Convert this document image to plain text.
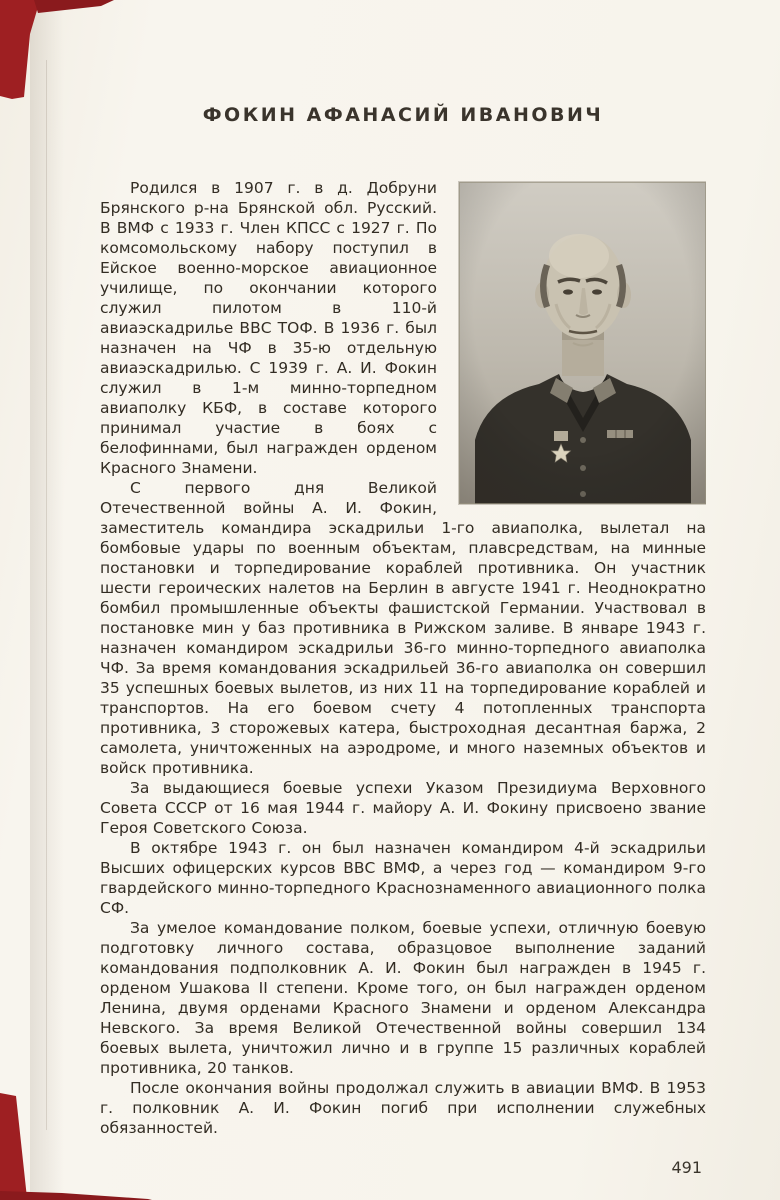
ФОКИН АФАНАСИЙ ИВАНОВИЧ

Родился в 1907 г. в д. Добруни Брянского р-на Брянской обл. Русский. В ВМФ с 1933 г. Член КПСС с 1927 г. По комсомольскому набору поступил в Ейское военно-морское авиационное училище, по окончании которого служил пилотом в 110-й авиаэскадрилье ВВС ТОФ. В 1936 г. был назначен на ЧФ в 35-ю отдельную авиаэскадрилью. С 1939 г. А. И. Фокин служил в 1-м минно-торпедном авиаполку КБФ, в составе которого принимал участие в боях с белофиннами, был награжден орденом Красного Знамени.

С первого дня Великой Отечественной войны А. И. Фокин, заместитель командира эскадрильи 1-го авиаполка, вылетал на бомбовые удары по военным объектам, плавсредствам, на минные постановки и торпедирование кораблей противника. Он участник шести героических налетов на Берлин в августе 1941 г. Неоднократно бомбил промышленные объекты фашистской Германии. Участвовал в постановке мин у баз противника в Рижском заливе. В январе 1943 г. назначен командиром эскадрильи 36-го минно-торпедного авиаполка ЧФ. За время командования эскадрильей 36-го авиаполка он совершил 35 успешных боевых вылетов, из них 11 на торпедирование кораблей и транспортов. На его боевом счету 4 потопленных транспорта противника, 3 сторожевых катера, быстроходная десантная баржа, 2 самолета, уничтоженных на аэродроме, и много наземных объектов и войск противника.

За выдающиеся боевые успехи Указом Президиума Верховного Совета СССР от 16 мая 1944 г. майору А. И. Фокину присвоено звание Героя Советского Союза.

В октябре 1943 г. он был назначен командиром 4-й эскадрильи Высших офицерских курсов ВВС ВМФ, а через год — командиром 9-го гвардейского минно-торпедного Краснознаменного авиационного полка СФ.

За умелое командование полком, боевые успехи, отличную боевую подготовку личного состава, образцовое выполнение заданий командования подполковник А. И. Фокин был награжден в 1945 г. орденом Ушакова II степени. Кроме того, он был награжден орденом Ленина, двумя орденами Красного Знамени и орденом Александра Невского. За время Великой Отечественной войны совершил 134 боевых вылета, уничтожил лично и в группе 15 различных кораблей противника, 20 танков.

После окончания войны продолжал служить в авиации ВМФ. В 1953 г. полковник А. И. Фокин погиб при исполнении служебных обязанностей.

491
